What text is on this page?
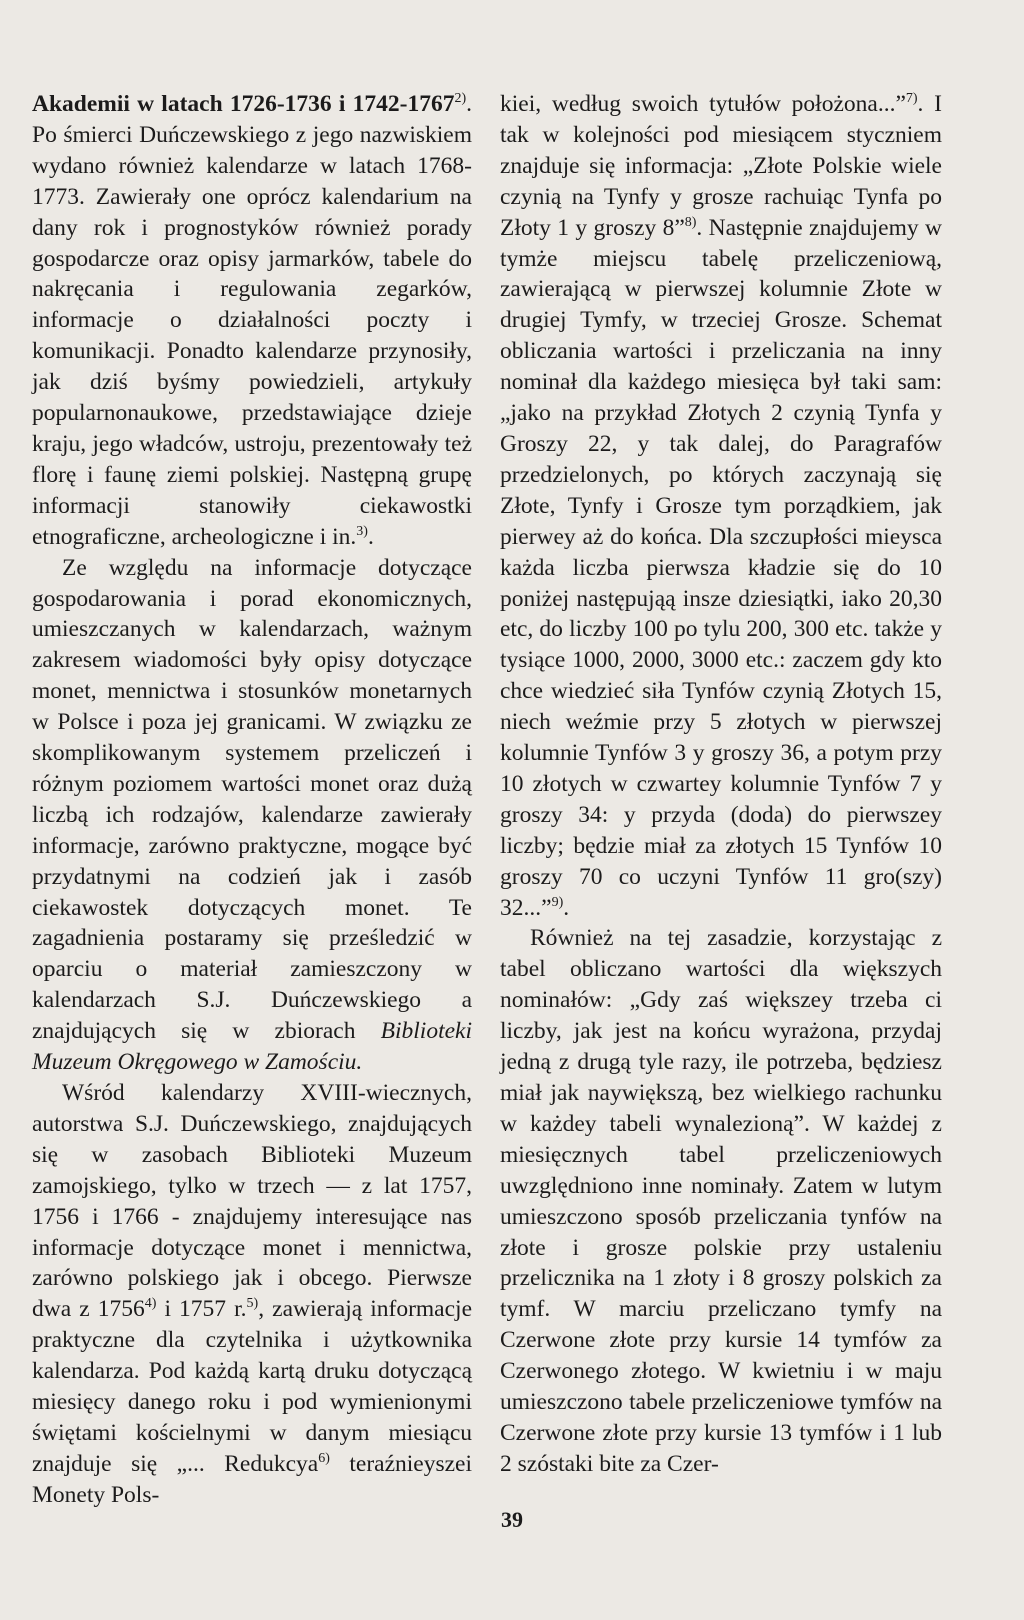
Akademii w latach 1726-1736 i 1742-1767$^{2)}$. Po śmierci Duńczewskiego z jego nazwiskiem wydano również kalendarze w latach 1768-1773. Zawierały one oprócz kalendarium na dany rok i prognostyków również porady gospodarcze oraz opisy jarmarków, tabele do nakręcania i regulowania zegarków, informacje o działalności poczty i komunikacji. Ponadto kalendarze przynosiły, jak dziś byśmy powiedzieli, artykuły popularnonaukowe, przedstawiające dzieje kraju, jego władców, ustroju, prezentowały też florę i faunę ziemi polskiej. Następną grupę informacji stanowiły ciekawostki etnograficzne, archeologiczne i in.$^{3)}$.

Ze względu na informacje dotyczące gospodarowania i porad ekonomicznych, umieszczanych w kalendarzach, ważnym zakresem wiadomości były opisy dotyczące monet, mennictwa i stosunków monetarnych w Polsce i poza jej granicami. W związku ze skomplikowanym systemem przeliczeń i różnym poziomem wartości monet oraz dużą liczbą ich rodzajów, kalendarze zawierały informacje, zarówno praktyczne, mogące być przydatnymi na codzień jak i zasób ciekawostek dotyczących monet. Te zagadnienia postaramy się prześledzić w oparciu o materiał zamieszczony w kalendarzach S.J. Duńczewskiego a znajdujących się w zbiorach Biblioteki Muzeum Okręgowego w Zamościu.

Wśród kalendarzy XVIII-wiecznych, autorstwa S.J. Duńczewskiego, znajdujących się w zasobach Biblioteki Muzeum zamojskiego, tylko w trzech — z lat 1757, 1756 i 1766 - znajdujemy interesujące nas informacje dotyczące monet i mennictwa, zarówno polskiego jak i obcego. Pierwsze dwa z 1756$^{4)}$ i 1757 r.$^{5)}$, zawierają informacje praktyczne dla czytelnika i użytkownika kalendarza. Pod każdą kartą druku dotyczącą miesięcy danego roku i pod wymienionymi świętami kościelnymi w danym miesiącu znajduje się „... Redukcya$^{6)}$ teraźnieyszei Monety Pols-

kiei, według swoich tytułów położona...”$^{7)}$. I tak w kolejności pod miesiącem styczniem znajduje się informacja: „Złote Polskie wiele czynią na Tynfy y grosze rachuiąc Tynfa po Złoty 1 y groszy 8”$^{8)}$. Następnie znajdujemy w tymże miejscu tabelę przeliczeniową, zawierającą w pierwszej kolumnie Złote w drugiej Tymfy, w trzeciej Grosze. Schemat obliczania wartości i przeliczania na inny nominał dla każdego miesięca był taki sam: „jako na przykład Złotych 2 czynią Tynfa y Groszy 22, y tak dalej, do Paragrafów przedzielonych, po których zaczynają się Złote, Tynfy i Grosze tym porządkiem, jak pierwey aż do końca. Dla szczupłości mieysca każda liczba pierwsza kładzie się do 10 poniżej następująą insze dziesiątki, iako 20,30 etc, do liczby 100 po tylu 200, 300 etc. także y tysiące 1000, 2000, 3000 etc.: zaczem gdy kto chce wiedzieć siła Tynfów czynią Złotych 15, niech weźmie przy 5 złotych w pierwszej kolumnie Tynfów 3 y groszy 36, a potym przy 10 złotych w czwartey kolumnie Tynfów 7 y groszy 34: y przyda (doda) do pierwszey liczby; będzie miał za złotych 15 Tynfów 10 groszy 70 co uczyni Tynfów 11 gro(szy) 32...”$^{9)}$.

Również na tej zasadzie, korzystając z tabel obliczano wartości dla większych nominałów: „Gdy zaś większey trzeba ci liczby, jak jest na końcu wyrażona, przydaj jedną z drugą tyle razy, ile potrzeba, będziesz miał jak naywiększą, bez wielkiego rachunku w każdey tabeli wynalezioną”. W każdej z miesięcznych tabel przeliczeniowych uwzględniono inne nominały. Zatem w lutym umieszczono sposób przeliczania tynfów na złote i grosze polskie przy ustaleniu przelicznika na 1 złoty i 8 groszy polskich za tymf. W marciu przeliczano tymfy na Czerwone złote przy kursie 14 tymfów za Czerwonego złotego. W kwietniu i w maju umieszczono tabele przeliczeniowe tymfów na Czerwone złote przy kursie 13 tymfów i 1 lub 2 szóstaki bite za Czer-

39
